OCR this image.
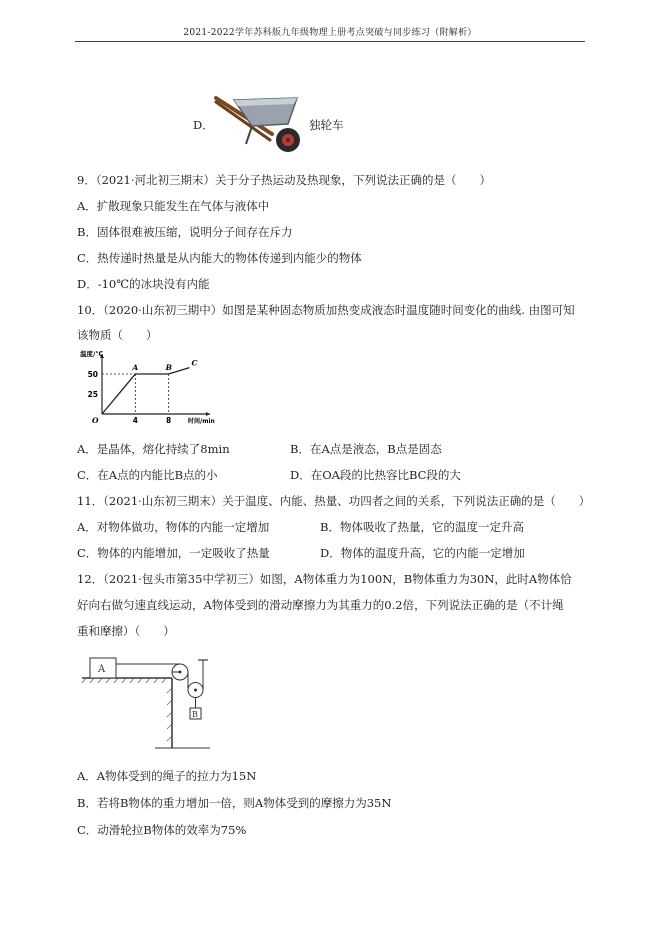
2021-2022学年苏科版九年级物理上册考点突破与同步练习（附解析）
D．	独轮车
9．（2021·河北初三期末）关于分子热运动及热现象，下列说法正确的是（　　）
A．扩散现象只能发生在气体与液体中
B．固体很难被压缩，说明分子间存在斥力
C．热传递时热量是从内能大的物体传递到内能少的物体
D．-10℃的冰块没有内能
10．（2020·山东初三期中）如图是某种固态物质加热变成液态时温度随时间变化的曲线. 由图可知
该物质（　　）
温度/℃
时间/min
25
50
4	8
O
A	B	C
A．是晶体，熔化持续了8min	B．在A点是液态，B点是固态
C．在A点的内能比B点的小	D．在OA段的比热容比BC段的大
11．（2021·山东初三期末）关于温度、内能、热量、功四者之间的关系，下列说法正确的是（　　）
A．对物体做功，物体的内能一定增加	B．物体吸收了热量，它的温度一定升高
C．物体的内能增加，一定吸收了热量	D．物体的温度升高，它的内能一定增加
12．（2021·包头市第35中学初三）如图，A物体重力为100N，B物体重力为30N，此时A物体恰
好向右做匀速直线运动，A物体受到的滑动摩擦力为其重力的0.2倍，下列说法正确的是（不计绳
重和摩擦）（　　）
A
B
A．A物体受到的绳子的拉力为15N
B．若将B物体的重力增加一倍，则A物体受到的摩擦力为35N
C．动滑轮拉B物体的效率为75%
